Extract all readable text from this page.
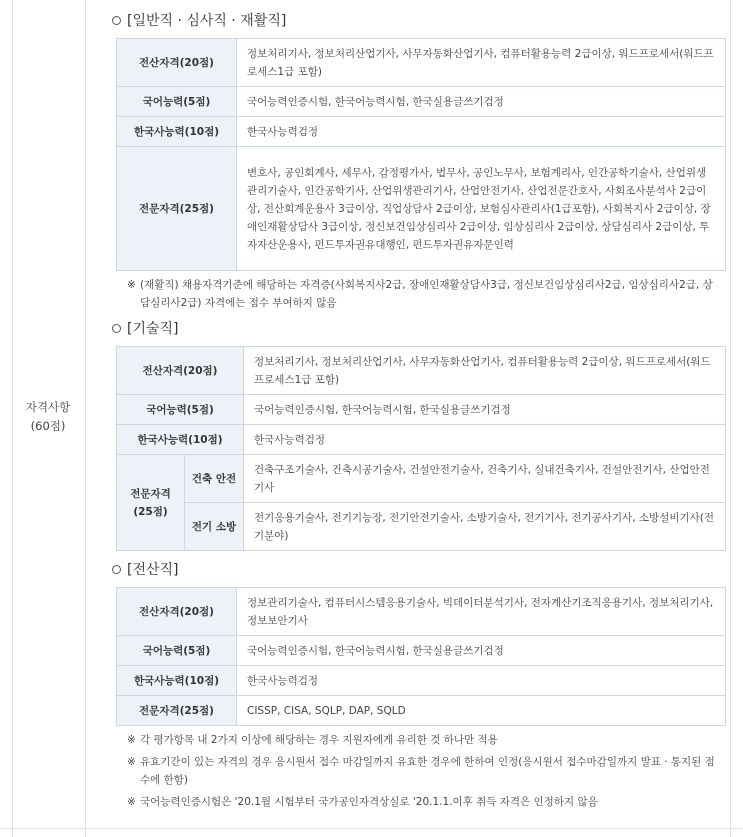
자격사항
(60점)
[일반직 · 심사직 · 재활직]
전산자격(20점)	정보처리기사, 정보처리산업기사, 사무자동화산업기사, 컴퓨터활용능력 2급이상, 워드프로세서(워드프로세스1급 포함)
국어능력(5점)	국어능력인증시험, 한국어능력시험, 한국실용글쓰기검정
한국사능력(10점)	한국사능력검정
전문자격(25점)	변호사, 공인회계사, 세무사, 감정평가사, 법무사, 공인노무사, 보험계리사, 인간공학기술사, 산업위생관리기술사, 인간공학기사, 산업위생관리기사, 산업안전기사, 산업전문간호사, 사회조사분석사 2급이상, 전산회계운용사 3급이상, 직업상담사 2급이상, 보험심사관리사(1급포함), 사회복지사 2급이상, 장애인재활상담사 3급이상, 정신보건임상심리사 2급이상, 임상심리사 2급이상, 상담심리사 2급이상, 투자자산운용사, 펀드투자권유대행인, 펀드투자권유자문인력
※ (재활직) 채용자격기준에 해당하는 자격증(사회복지사2급, 장애인재활상담사3급, 정신보건임상심리사2급, 임상심리사2급, 상담심리사2급) 자격에는 점수 부여하지 않음
[기술직]
전산자격(20점)		정보처리기사, 정보처리산업기사, 사무자동화산업기사, 컴퓨터활용능력 2급이상, 워드프로세서(워드프로세스1급 포함)
국어능력(5점)		국어능력인증시험, 한국어능력시험, 한국실용글쓰기검정
한국사능력(10점)		한국사능력검정
전문자격(25점)	건축 안전	건축구조기술사, 건축시공기술사, 건설안전기술사, 건축기사, 실내건축기사, 건설안전기사, 산업안전기사
	전기 소방	전기응용기술사, 전기기능장, 전기안전기술사, 소방기술사, 전기기사, 전기공사기사, 소방설비기사(전기분야)
[전산직]
전산자격(20점)	정보관리기술사, 컴퓨터시스템응용기술사, 빅데이터분석기사, 전자계산기조직응용기사, 정보처리기사, 정보보안기사
국어능력(5점)	국어능력인증시험, 한국어능력시험, 한국실용글쓰기검정
한국사능력(10점)	한국사능력검정
전문자격(25점)	CISSP, CISA, SQLP, DAP, SQLD
※ 각 평가항목 내 2가지 이상에 해당하는 경우 지원자에게 유리한 것 하나만 적용
※ 유효기간이 있는 자격의 경우 응시원서 접수 마감일까지 유효한 경우에 한하여 인정(응시원서 접수마감일까지 발표 · 통지된 점수에 한함)
※ 국어능력인증시험은 '20.1월 시험부터 국가공인자격상실로 '20.1.1.이후 취득 자격은 인정하지 않음
